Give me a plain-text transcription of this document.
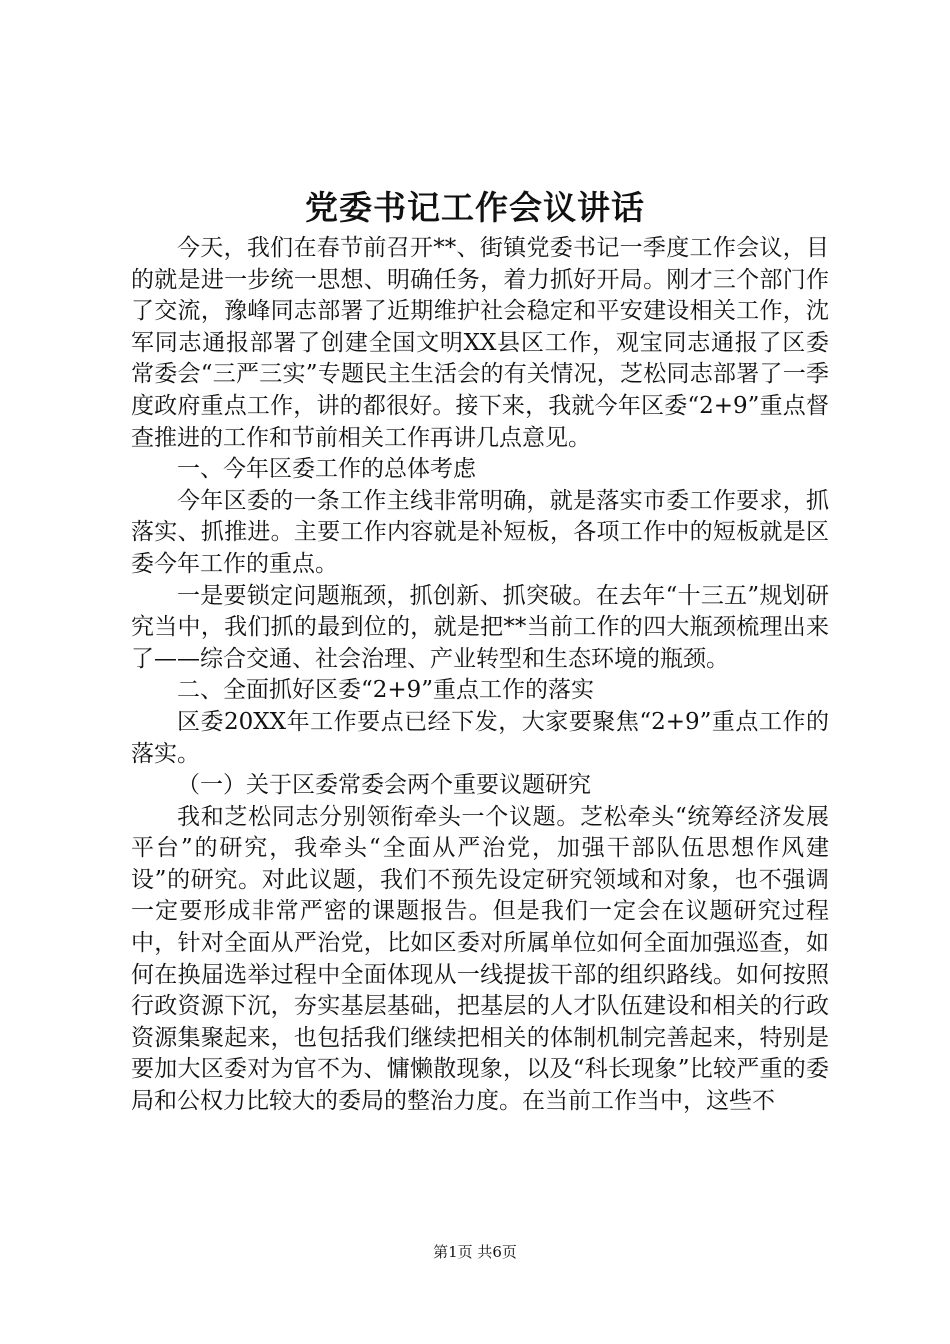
党委书记工作会议讲话

今天，我们在春节前召开**、街镇党委书记一季度工作会议，目的就是进一步统一思想、明确任务，着力抓好开局。刚才三个部门作了交流，豫峰同志部署了近期维护社会稳定和平安建设相关工作，沈军同志通报部署了创建全国文明XX县区工作，观宝同志通报了区委常委会“三严三实”专题民主生活会的有关情况，芝松同志部署了一季度政府重点工作，讲的都很好。接下来，我就今年区委“2+9”重点督查推进的工作和节前相关工作再讲几点意见。

一、今年区委工作的总体考虑

今年区委的一条工作主线非常明确，就是落实市委工作要求，抓落实、抓推进。主要工作内容就是补短板，各项工作中的短板就是区委今年工作的重点。

一是要锁定问题瓶颈，抓创新、抓突破。在去年“十三五”规划研究当中，我们抓的最到位的，就是把**当前工作的四大瓶颈梳理出来了——综合交通、社会治理、产业转型和生态环境的瓶颈。

二、全面抓好区委“2+9”重点工作的落实

区委20XX年工作要点已经下发，大家要聚焦“2+9”重点工作的落实。

（一）关于区委常委会两个重要议题研究

我和芝松同志分别领衔牵头一个议题。芝松牵头“统筹经济发展平台”的研究，我牵头“全面从严治党，加强干部队伍思想作风建设”的研究。对此议题，我们不预先设定研究领域和对象，也不强调一定要形成非常严密的课题报告。但是我们一定会在议题研究过程中，针对全面从严治党，比如区委对所属单位如何全面加强巡查，如何在换届选举过程中全面体现从一线提拔干部的组织路线。如何按照行政资源下沉，夯实基层基础，把基层的人才队伍建设和相关的行政资源集聚起来，也包括我们继续把相关的体制机制完善起来，特别是要加大区委对为官不为、慵懒散现象，以及“科长现象”比较严重的委局和公权力比较大的委局的整治力度。在当前工作当中，这些不

第1页 共6页
